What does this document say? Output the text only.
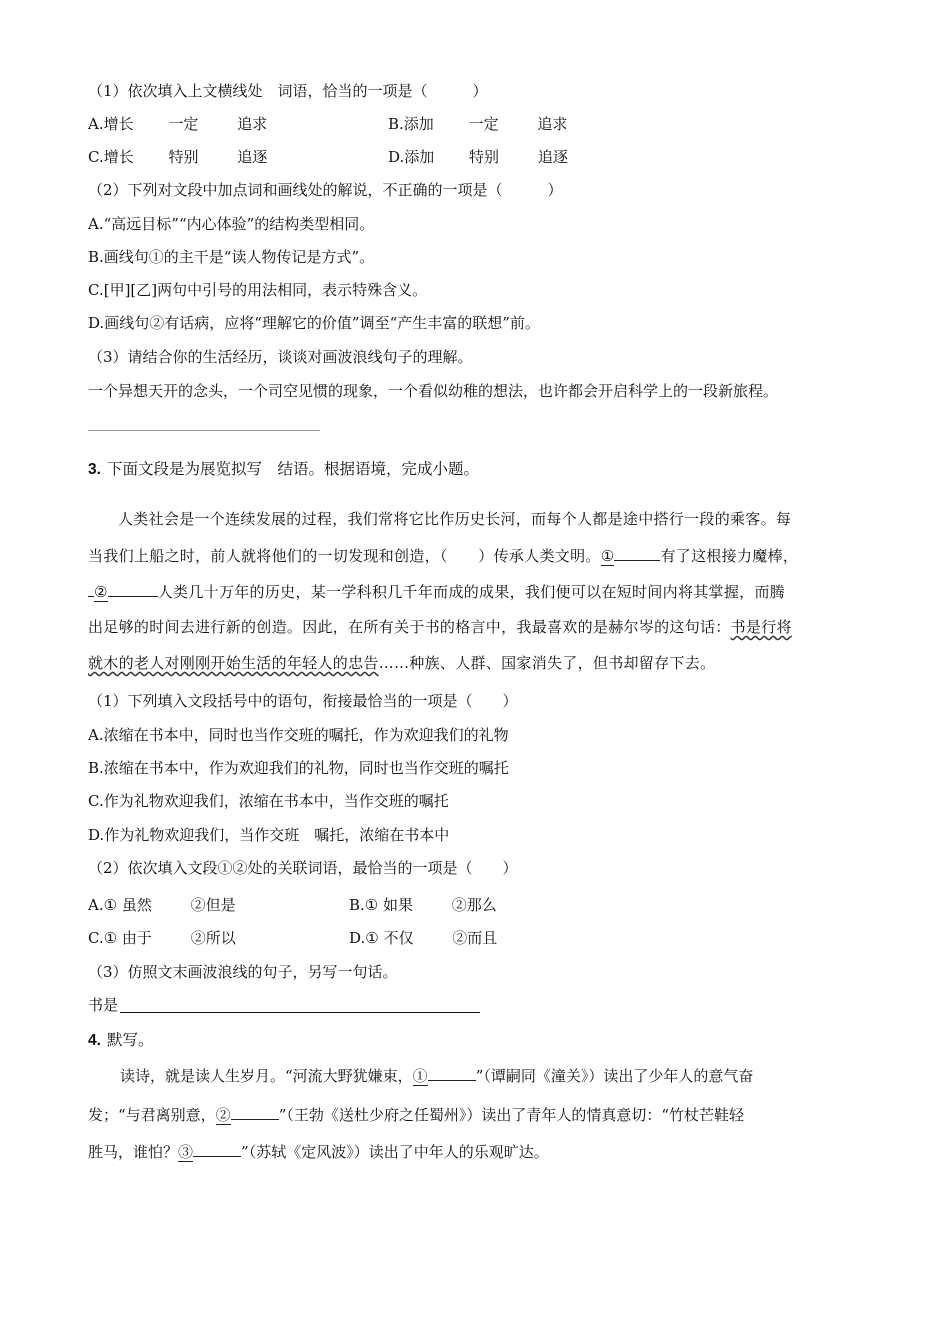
（1）依次填入上文横线处　词语，恰当的一项是（　　　）
A.增长 一定	追求	B.添加 一定	追求
C.增长 特别	追逐	D.添加 特别	追逐
（2）下列对文段中加点词和画线处的解说，不正确的一项是（　　　）
A.“高远目标”“内心体验”的结构类型相同。
B.画线句①的主干是“读人物传记是方式”。
C.[甲][乙]两句中引号的用法相同，表示特殊含义。
D.画线句②有话病，应将“理解它的价值”调至“产生丰富的联想”前。
（3）请结合你的生活经历，谈谈对画波浪线句子的理解。
一个异想天开的念头，一个司空见惯的现象，一个看似幼稚的想法，也许都会开启科学上的一段新旅程。
3. 下面文段是为展览拟写　结语。根据语境，完成小题。
人类社会是一个连续发展的过程，我们常将它比作历史长河，而每个人都是途中搭行一段的乘客。每
当我们上船之时，前人就将他们的一切发现和创造，（　　）传承人类文明。①	有了这根接力魔棒，
②	人类几十万年的历史，某一学科积几千年而成的成果，我们便可以在短时间内将其掌握，而腾
出足够的时间去进行新的创造。因此，在所有关于书的格言中，我最喜欢的是赫尔岑的这句话：书是行将
就木的老人对刚刚开始生活的年轻人的忠告……种族、人群、国家消失了，但书却留存下去。
（1）下列填入文段括号中的语句，衔接最恰当的一项是（　　）
A.浓缩在书本中，同时也当作交班的嘱托，作为欢迎我们的礼物
B.浓缩在书本中，作为欢迎我们的礼物，同时也当作交班的嘱托
C.作为礼物欢迎我们，浓缩在书本中，当作交班的嘱托
D.作为礼物欢迎我们，当作交班　嘱托，浓缩在书本中
（2）依次填入文段①②处的关联词语，最恰当的一项是（　　）
A.① 虽然	②但是	B.① 如果	②那么
C.① 由于	②所以	D.① 不仅	②而且
（3）仿照文末画波浪线的句子，另写一句话。
书是
4. 默写。
读诗，就是读人生岁月。“河流大野犹嫌束，①	”（谭嗣同《潼关》）读出了少年人的意气奋
发；“与君离别意，②	”（王勃《送杜少府之任蜀州》）读出了青年人的情真意切：“竹杖芒鞋轻
胜马，谁怕？③	”（苏轼《定风波》）读出了中年人的乐观旷达。
